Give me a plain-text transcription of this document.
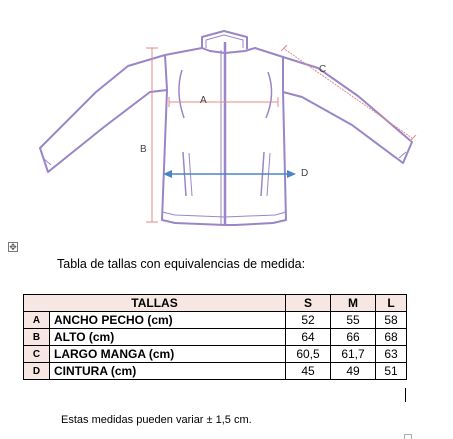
A
B
C
D
✥
Tabla de tallas con equivalencias de medida:
TALLAS		S	M	L
A	ANCHO PECHO (cm)	52	55	58
B	ALTO (cm)	64	66	68
C	LARGO MANGA (cm)	60,5	61,7	63
D	CINTURA (cm)	45	49	51
Estas medidas pueden variar ± 1,5 cm.
